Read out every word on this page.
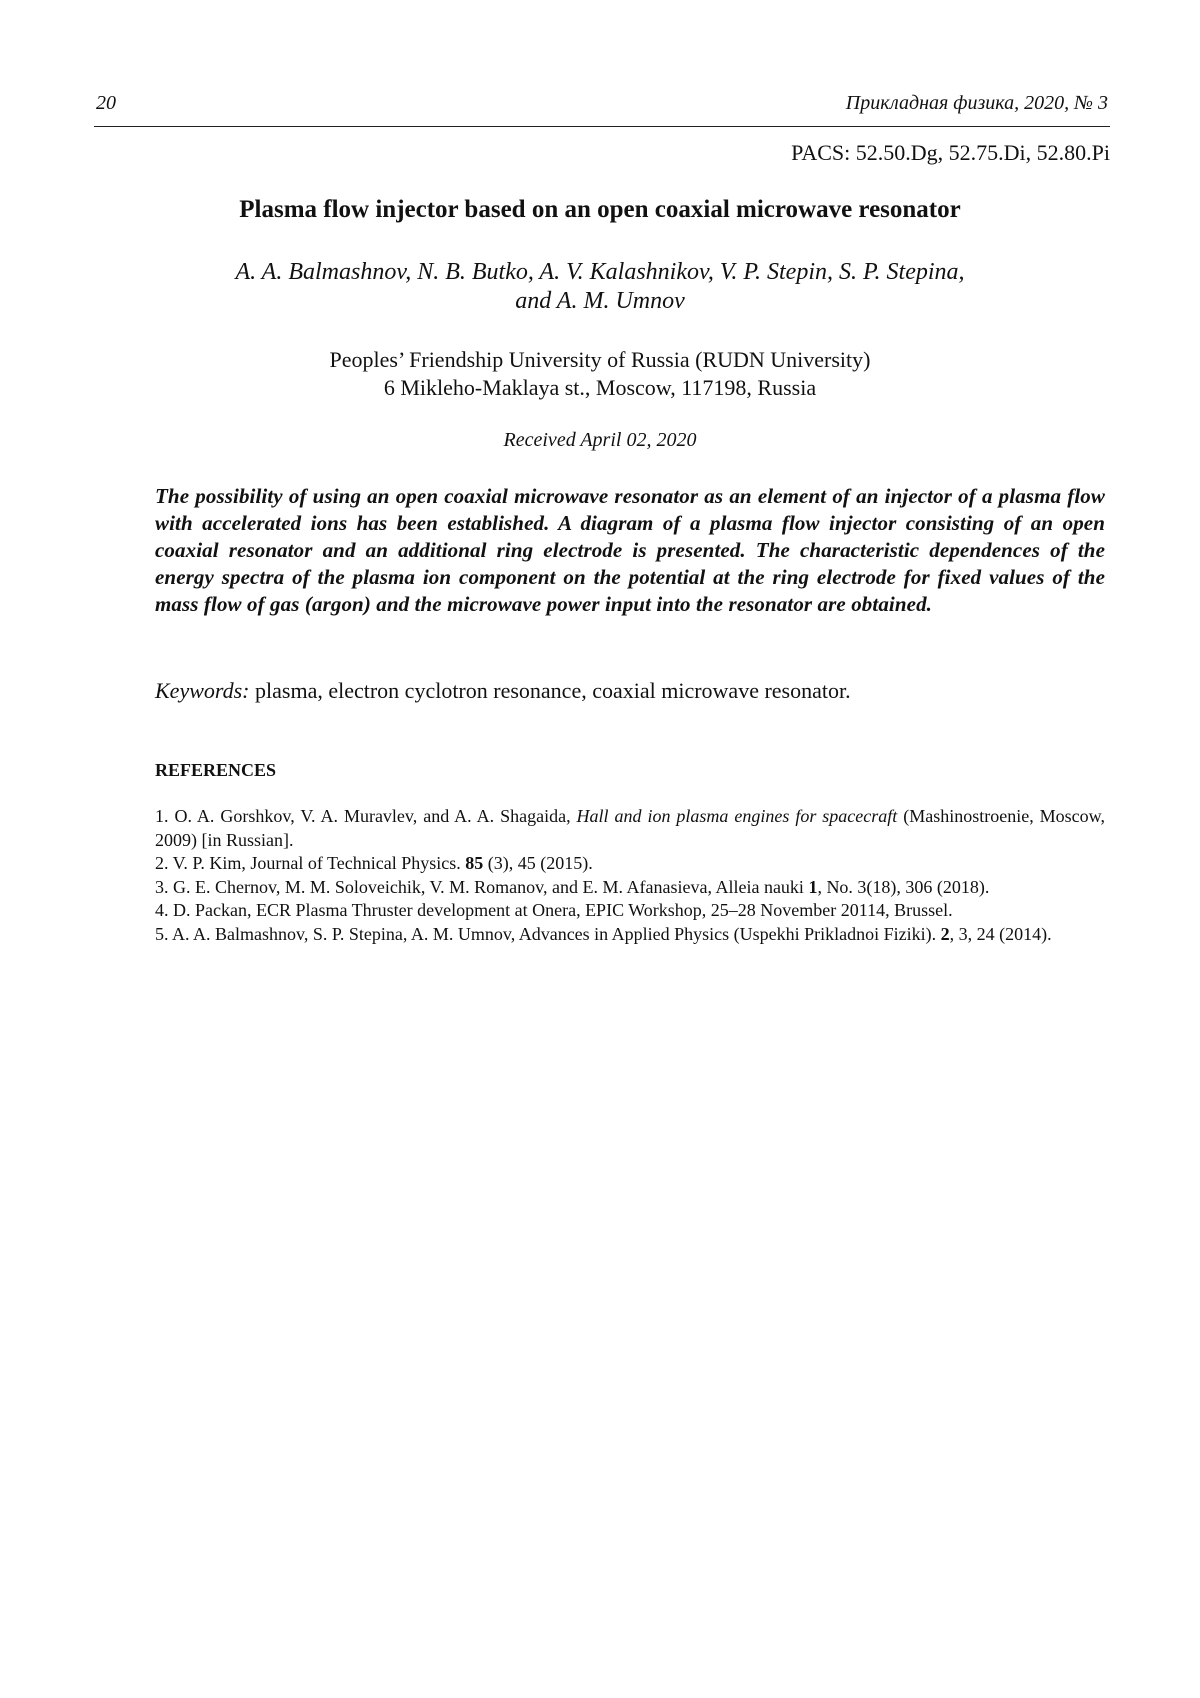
20	Прикладная физика, 2020, № 3
PACS: 52.50.Dg, 52.75.Di, 52.80.Pi
Plasma flow injector based on an open coaxial microwave resonator
A. A. Balmashnov, N. B. Butko, A. V. Kalashnikov, V. P. Stepin, S. P. Stepina,
and A. M. Umnov
Peoples’ Friendship University of Russia (RUDN University)
6 Mikleho-Maklaya st., Moscow, 117198, Russia
Received April 02, 2020
The possibility of using an open coaxial microwave resonator as an element of an injector of a plasma flow with accelerated ions has been established. A diagram of a plasma flow injector consisting of an open coaxial resonator and an additional ring electrode is presented. The characteristic dependences of the energy spectra of the plasma ion component on the potential at the ring electrode for fixed values of the mass flow of gas (argon) and the microwave power input into the resonator are obtained.
Keywords: plasma, electron cyclotron resonance, coaxial microwave resonator.
REFERENCES

1. O. A. Gorshkov, V. A. Muravlev, and A. A. Shagaida, Hall and ion plasma engines for spacecraft (Mashinostroenie, Moscow, 2009) [in Russian].

2. V. P. Kim, Journal of Technical Physics. 85 (3), 45 (2015).

3. G. E. Chernov, M. M. Soloveichik, V. M. Romanov, and E. M. Afanasieva, Alleia nauki 1, No. 3(18), 306 (2018).

4. D. Packan, ECR Plasma Thruster development at Onera, EPIC Workshop, 25–28 November 20114, Brussel.

5. A. A. Balmashnov, S. P. Stepina, A. M. Umnov, Advances in Applied Physics (Uspekhi Prikladnoi Fiziki). 2, 3, 24 (2014).
